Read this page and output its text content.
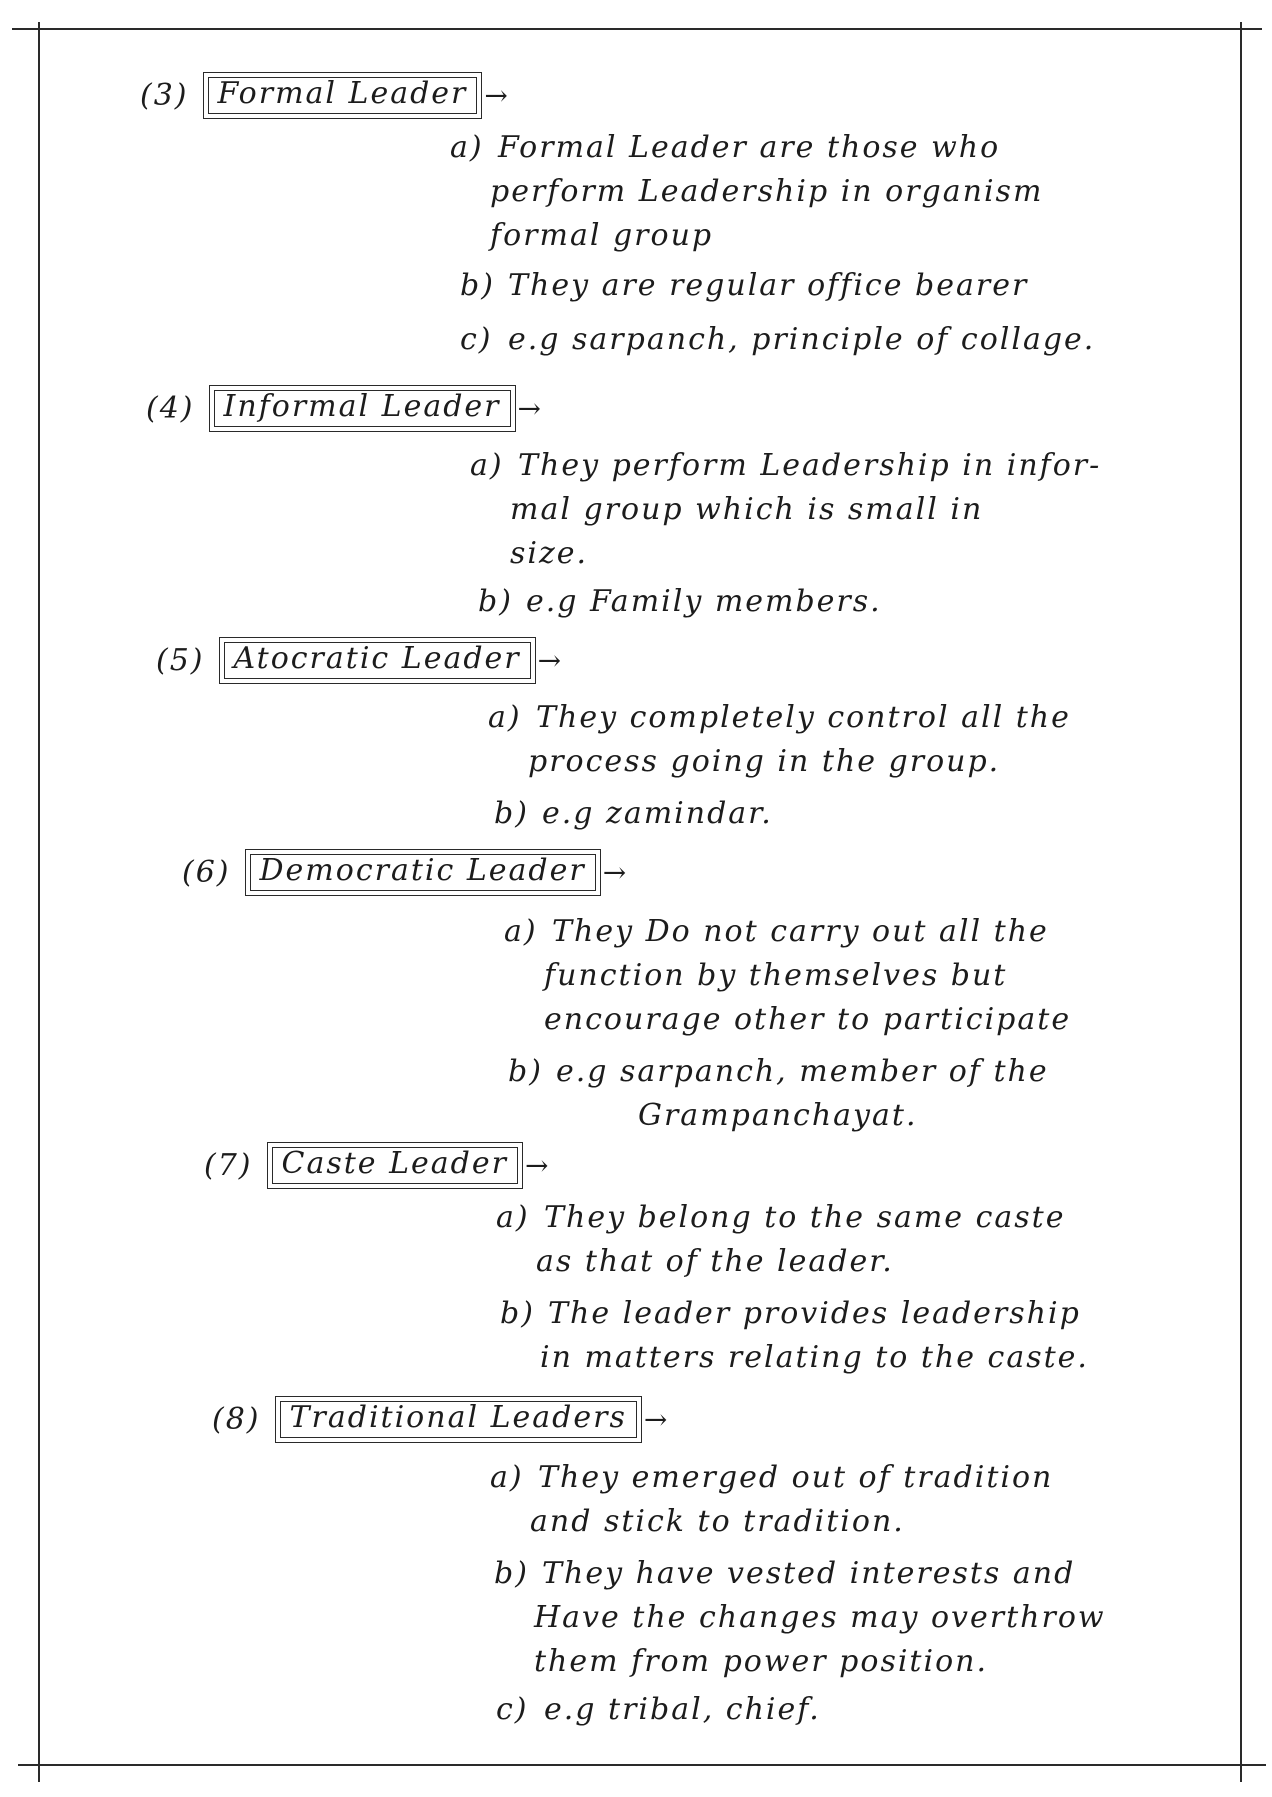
(3) Formal Leader →
a) Formal Leader are those who
perform Leadership in organism
formal group
b) They are regular office bearer
c) e.g sarpanch, principle of collage.
(4) Informal Leader →
a) They perform Leadership in infor-
mal group which is small in
size.
b) e.g Family members.
(5) Atocratic Leader →
a) They completely control all the
process going in the group.
b) e.g zamindar.
(6) Democratic Leader →
a) They Do not carry out all the
function by themselves but
encourage other to participate
b) e.g sarpanch, member of the
Grampanchayat.
(7) Caste Leader →
a) They belong to the same caste
as that of the leader.
b) The leader provides leadership
in matters relating to the caste.
(8) Traditional Leaders →
a) They emerged out of tradition
and stick to tradition.
b) They have vested interests and
Have the changes may overthrow
them from power position.
c) e.g tribal, chief.
